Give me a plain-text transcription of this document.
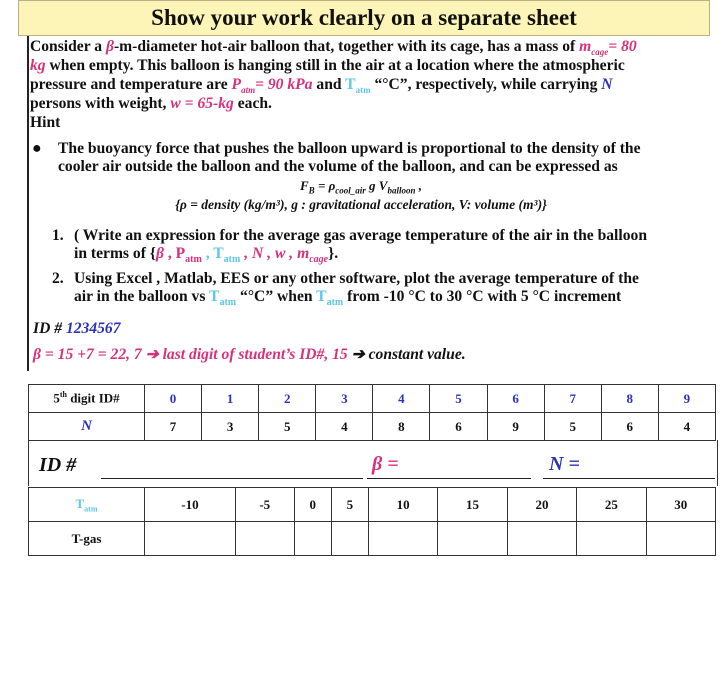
Show your work clearly on a separate sheet
Consider a β-m-diameter hot-air balloon that, together with its cage, has a mass of $m_{cage}= 80$
kg when empty. This balloon is hanging still in the air at a location where the atmospheric
pressure and temperature are $P_{atm}= 90$ kPa and $T_{atm}$ “°C”, respectively, while carrying N
persons with weight, w = 65-kg each.
Hint
● The buoyancy force that pushes the balloon upward is proportional to the density of the
cooler air outside the balloon and the volume of the balloon, and can be expressed as
$F_B = \rho_{cool\_air}$ g $V_{balloon}$ ,
{ρ = density (kg/m³), g : gravitational acceleration, V: volume (m³)}
1. ( Write an expression for the average gas average temperature of the air in the balloon
in terms of {β , $P_{atm}$ , $T_{atm}$ , N , w , $m_{cage}$}.
2. Using Excel , Matlab, EES or any other software, plot the average temperature of the
air in the balloon vs $T_{atm}$ “°C” when $T_{atm}$ from -10 °C to 30 °C with 5 °C increment
ID # 1234567
β = 15 +7 = 22, 7 ➔ last digit of student’s ID#, 15 ➔ constant value.
5th digit ID#	0	1	2	3	4	5	6	7	8	9
N	7	3	5	4	8	6	9	5	6	4
ID #	β =	N =
$T_{atm}$	-10	-5	0	5	10	15	20	25	30
T-gas									
